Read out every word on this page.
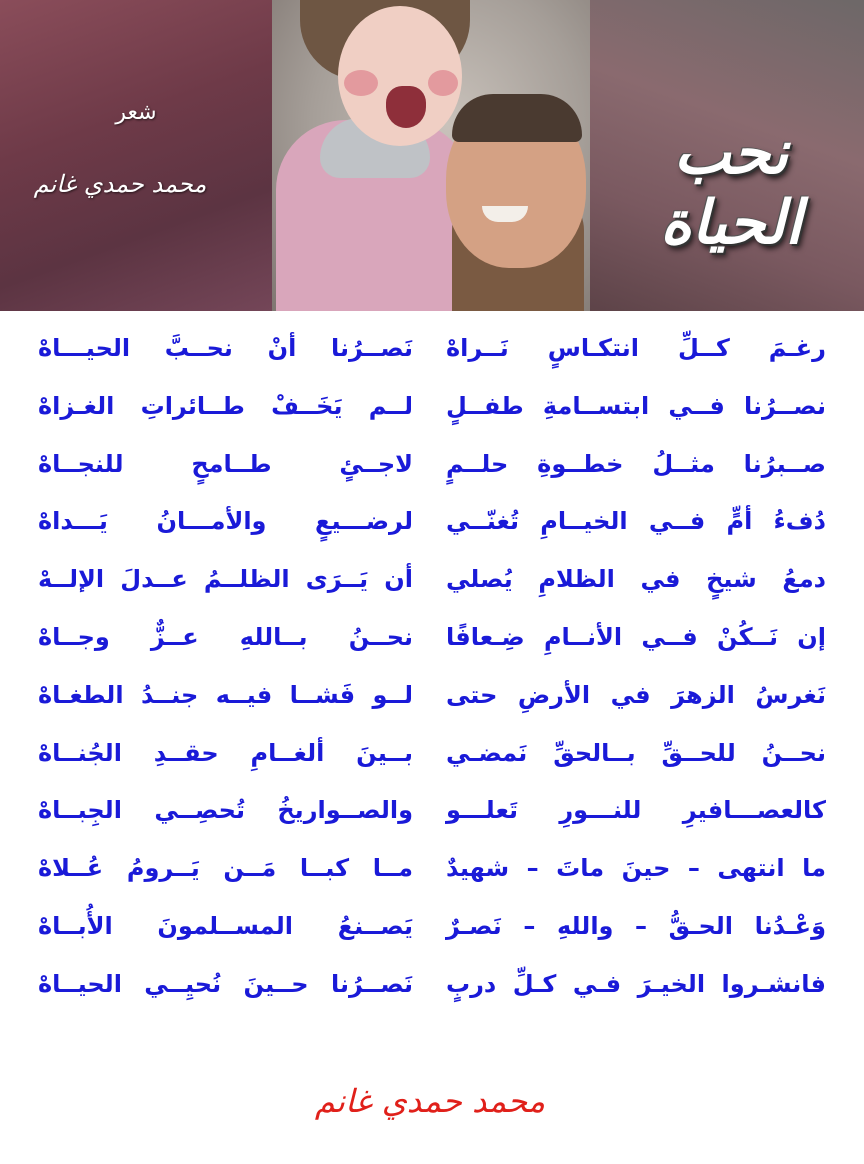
شعر
محمد حمدي غانم	نحب الحياة
رغـمَ كــلِّ انتكـاسٍ نَــراهْ
نَصــرُنا أنْ نحــبَّ الحيـــاهْ
نصــرُنا فــي ابتســامةِ طفــلٍ
لــم يَخَــفْ طــائراتِ الغـزاهْ
صــبرُنا مثــلُ خطــوةِ حلــمٍ
لاجــئٍ طــامحٍ للنجــاهْ
دُفءُ أمٍّ فــي الخيــامِ تُغنّــي
لرضـــيعٍ والأمـــانُ يَـــداهْ
دمعُ شيخٍ في الظلامِ يُصلي
أن يَــرَى الظلــمُ عــدلَ الإلــهْ
إن نَــكُنْ فــي الأنــامِ ضِـعافًا
نحــنُ بــاللهِ عــزٌّ وجــاهْ
نَغرسُ الزهرَ في الأرضِ حتى
لــو فَشــا فيــه جنــدُ الطغـاهْ
نحــنُ للحــقِّ بــالحقِّ نَمضـي
بــينَ ألغــامِ حقــدِ الجُنــاهْ
كالعصـــافيرِ للنـــورِ تَعلـــو
والصــواريخُ تُحصِــي الجِبــاهْ
ما انتهى – حينَ ماتَ – شهيدٌ
مــا كبــا مَــن يَــرومُ عُــلاهْ
وَعْـدُنا الحـقُّ – واللهِ – نَصـرٌ
يَصــنعُ المســلمونَ الأُبــاهْ
فانشـروا الخيـرَ فـي كـلِّ دربٍ
نَصــرُنا حــينَ نُحيِــي الحيــاهْ
محمد حمدي غانم
